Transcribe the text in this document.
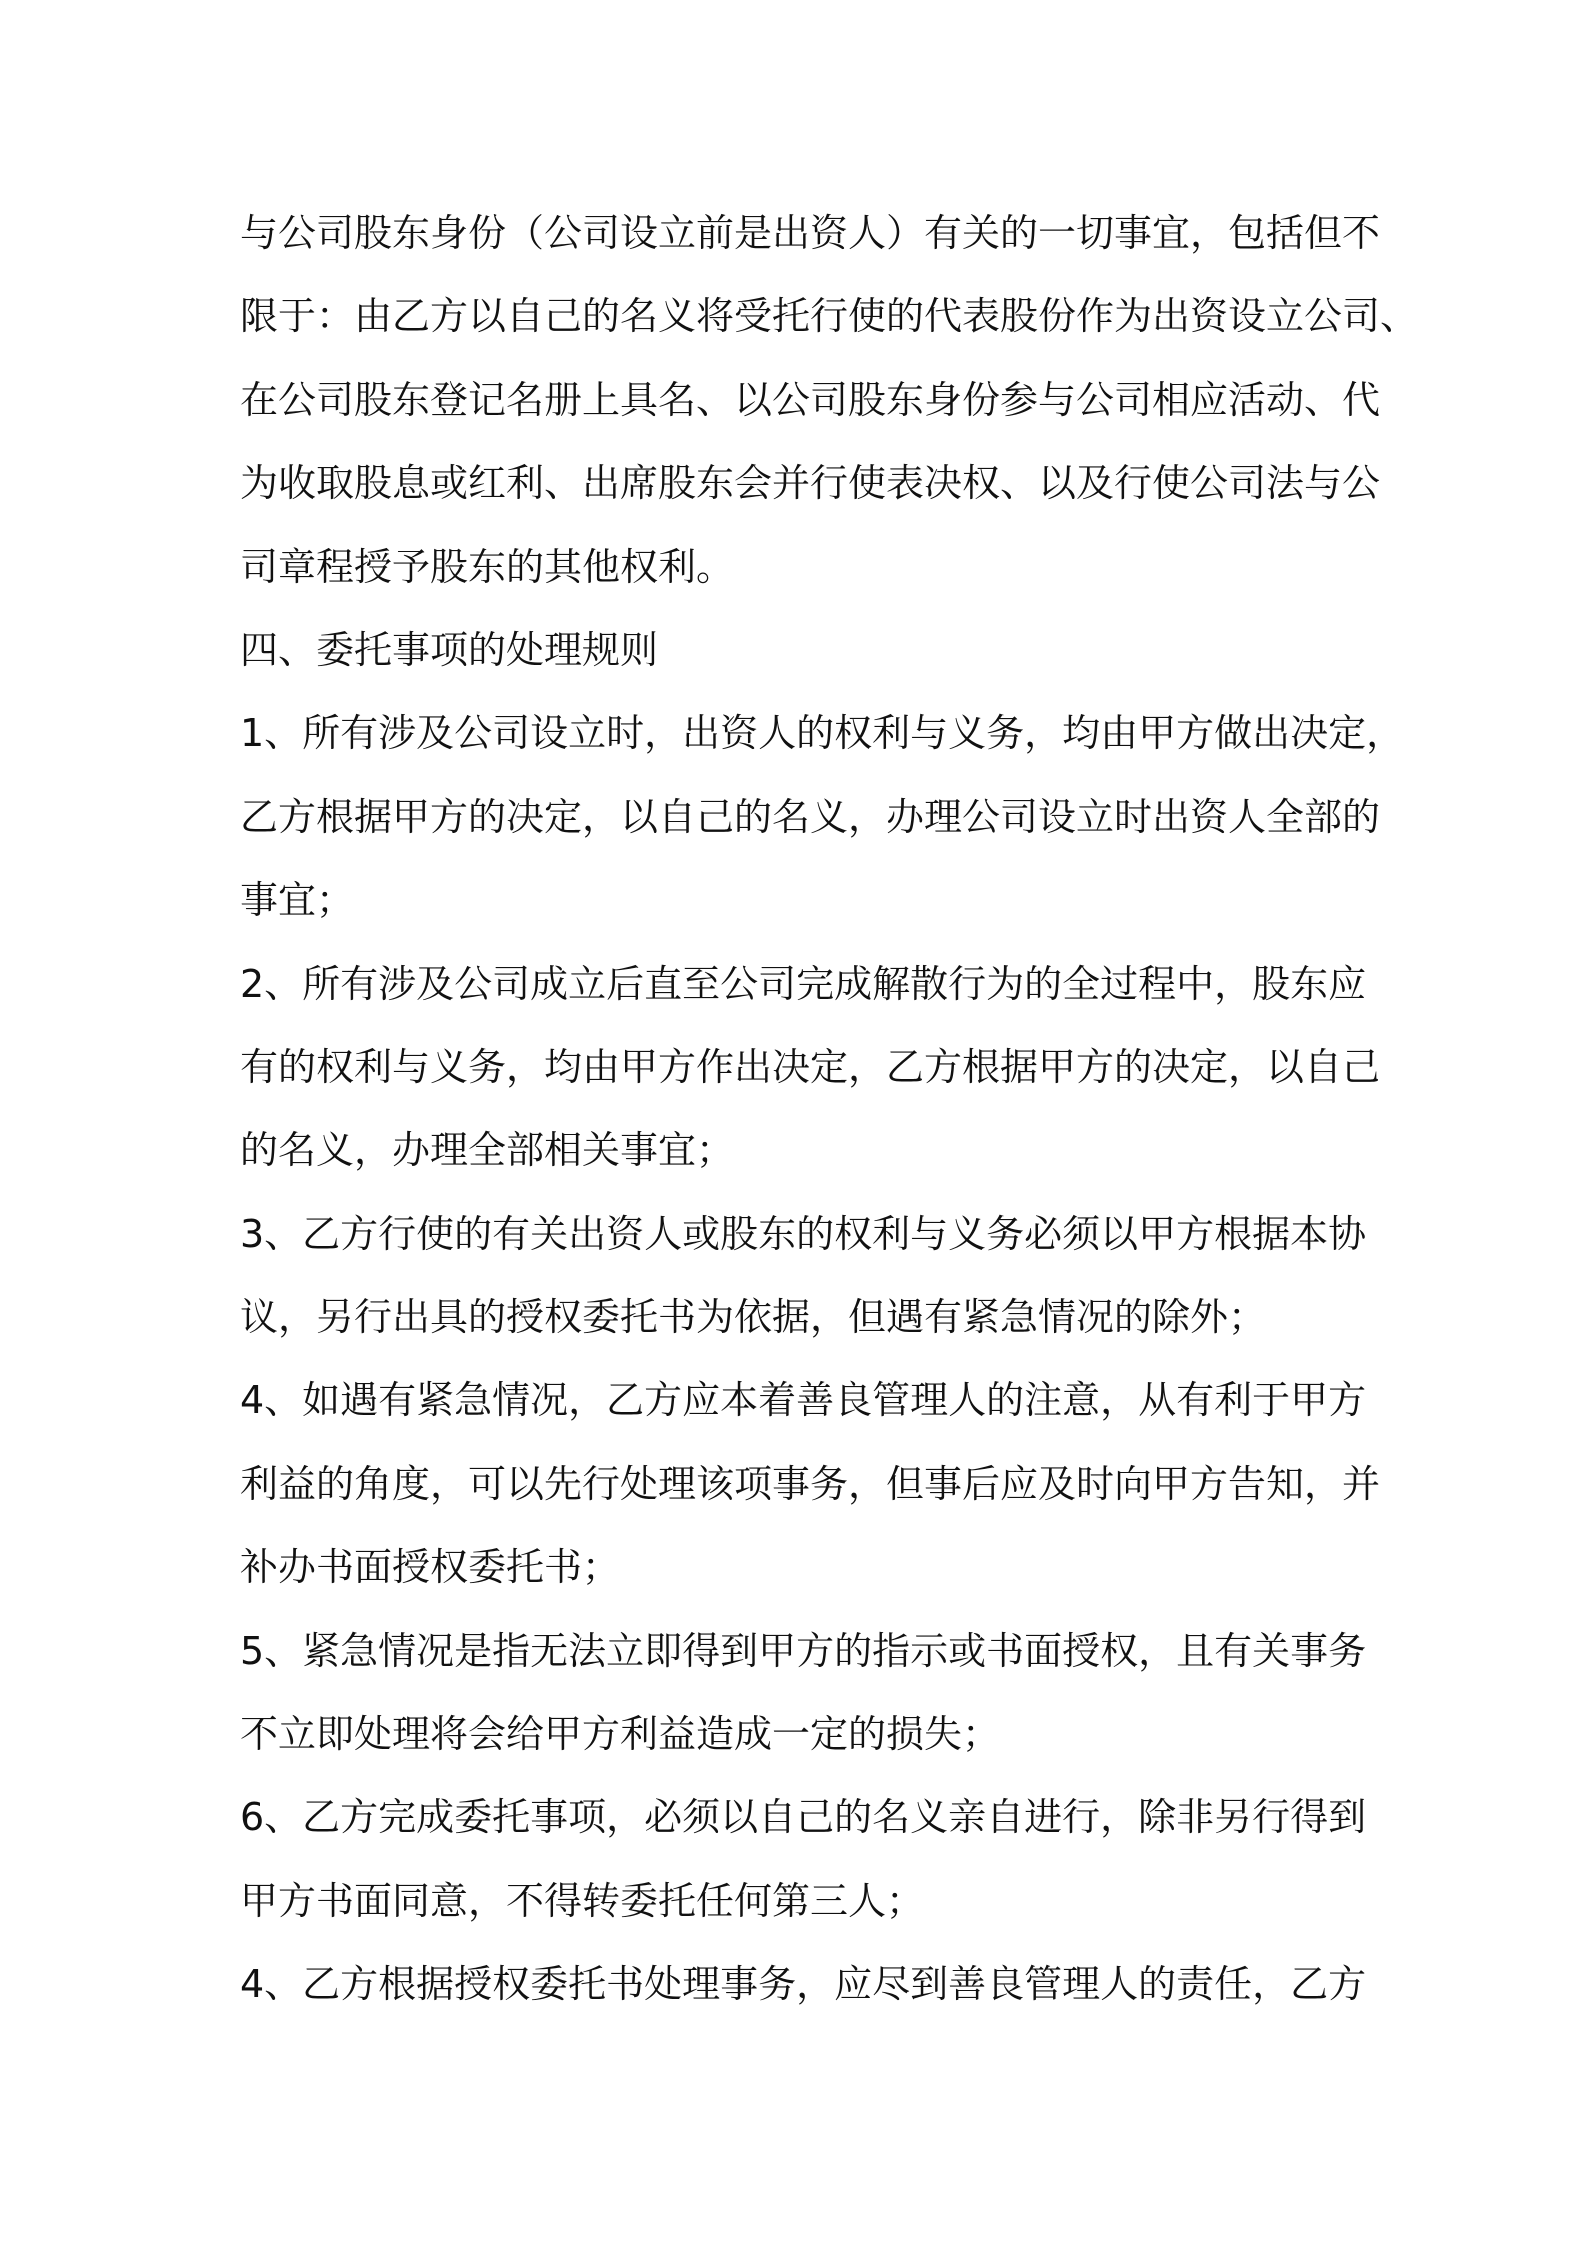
与公司股东身份（公司设立前是出资人）有关的一切事宜，包括但不
限于：由乙方以自己的名义将受托行使的代表股份作为出资设立公司、
在公司股东登记名册上具名、以公司股东身份参与公司相应活动、代
为收取股息或红利、出席股东会并行使表决权、以及行使公司法与公
司章程授予股东的其他权利。
四、委托事项的处理规则
1、所有涉及公司设立时，出资人的权利与义务，均由甲方做出决定，
乙方根据甲方的决定，以自己的名义，办理公司设立时出资人全部的
事宜；
2、所有涉及公司成立后直至公司完成解散行为的全过程中，股东应
有的权利与义务，均由甲方作出决定，乙方根据甲方的决定，以自己
的名义，办理全部相关事宜；
3、乙方行使的有关出资人或股东的权利与义务必须以甲方根据本协
议，另行出具的授权委托书为依据，但遇有紧急情况的除外；
4、如遇有紧急情况，乙方应本着善良管理人的注意，从有利于甲方
利益的角度，可以先行处理该项事务，但事后应及时向甲方告知，并
补办书面授权委托书；
5、紧急情况是指无法立即得到甲方的指示或书面授权，且有关事务
不立即处理将会给甲方利益造成一定的损失；
6、乙方完成委托事项，必须以自己的名义亲自进行，除非另行得到
甲方书面同意，不得转委托任何第三人；
4、乙方根据授权委托书处理事务，应尽到善良管理人的责任，乙方
